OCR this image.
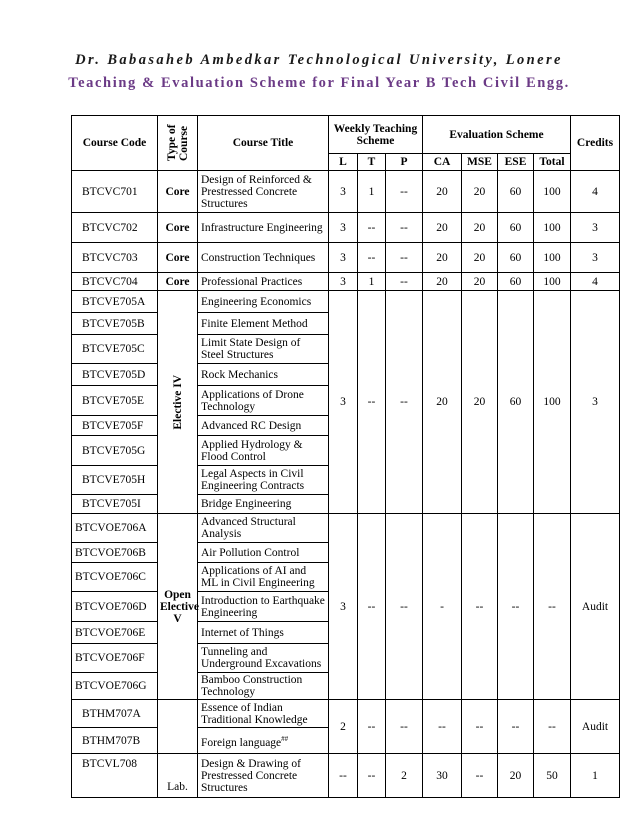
Dr. Babasaheb Ambedkar Technological University, Lonere
Teaching & Evaluation Scheme for Final Year B Tech Civil Engg.
Course Code	Type of Course	Course Title	Weekly Teaching Scheme			Evaluation Scheme				Credits
			L	T	P	CA	MSE	ESE	Total	
BTCVC701	Core	Design of Reinforced & Prestressed Concrete Structures	3	1	--	20	20	60	100	4
BTCVC702	Core	Infrastructure Engineering	3	--	--	20	20	60	100	3
BTCVC703	Core	Construction Techniques	3	--	--	20	20	60	100	3
BTCVC704	Core	Professional Practices	3	1	--	20	20	60	100	4
BTCVE705A	Elective IV	Engineering Economics	3	--	--	20	20	60	100	3
BTCVE705B		Finite Element Method								
BTCVE705C		Limit State Design of Steel Structures								
BTCVE705D		Rock Mechanics								
BTCVE705E		Applications of Drone Technology								
BTCVE705F		Advanced RC Design								
BTCVE705G		Applied Hydrology & Flood Control								
BTCVE705H		Legal Aspects in Civil Engineering Contracts								
BTCVE705I		Bridge Engineering								
BTCVOE706A	Open Elective V	Advanced Structural Analysis	3	--	--	-	--	--	--	Audit
BTCVOE706B		Air Pollution Control								
BTCVOE706C		Applications of AI and ML in Civil Engineering								
BTCVOE706D		Introduction to Earthquake Engineering								
BTCVOE706E		Internet of Things								
BTCVOE706F		Tunneling and Underground Excavations								
BTCVOE706G		Bamboo Construction Technology								
BTHM707A		Essence of Indian Traditional Knowledge	2	--	--	--	--	--	--	Audit
BTHM707B		Foreign language##
BTCVL708	Lab.	Design & Drawing of Prestressed Concrete Structures	--	--	2	30	--	20	50	1
